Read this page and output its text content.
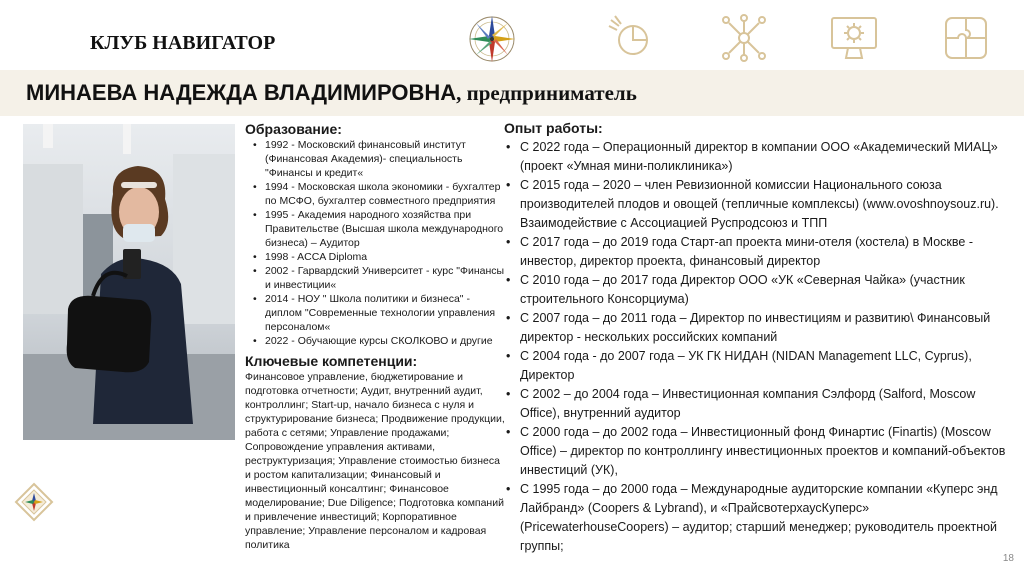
КЛУБ НАВИГАТОР
МИНАЕВА НАДЕЖДА ВЛАДИМИРОВНА, предприниматель
Образование:
• 1992 - Московский финансовый институт (Финансовая Академия)- специальность "Финансы и кредит«
• 1994 - Московская школа экономики - бухгалтер по МСФО, бухгалтер совместного предприятия
• 1995 - Академия народного хозяйства при Правительстве (Высшая школа международного бизнеса) – Аудитор
• 1998 - ACCA Diploma
• 2002 - Гарвардский Университет - курс "Финансы и инвестиции«
• 2014 - НОУ " Школа политики и бизнеса" - диплом "Современные технологии управления персоналом«
• 2022 - Обучающие курсы СКОЛКОВО и другие
Ключевые компетенции:
Финансовое управление, бюджетирование и подготовка отчетности; Аудит, внутренний аудит, контроллинг; Start-up, начало бизнеса с нуля и структурирование бизнеса; Продвижение продукции, работа с сетями; Управление продажами; Сопровождение управления активами, реструктуризация; Управление стоимостью бизнеса и ростом капитализации; Финансовый и инвестиционный консалтинг; Финансовое моделирование; Due Diligence; Подготовка компаний и привлечение инвестиций; Корпоративное управление; Управление персоналом и кадровая политика
Опыт работы:
• С 2022 года – Операционный директор в компании ООО «Академический МИАЦ» (проект «Умная мини-поликлиника»)
• С 2015 года – 2020 – член Ревизионной комиссии Национального союза производителей плодов и овощей (тепличные комплексы) (www.ovoshnoysouz.ru). Взаимодействие с Ассоциацией Руспродсоюз и ТПП
• С 2017 года – до 2019 года Старт-ап проекта мини-отеля (хостела) в Москве - инвестор, директор проекта, финансовый директор
• С 2010 года – до 2017 года Директор ООО «УК «Северная Чайка» (участник строительного Консорциума)
• С 2007 года – до 2011 года – Директор по инвестициям и развитию\ Финансовый директор - нескольких российских компаний
• С 2004 года - до 2007 года – УК ГК НИДАН (NIDAN Management LLC, Cyprus), Директор
• С 2002 – до 2004 года – Инвестиционная компания Сэлфорд (Salford, Moscow Office), внутренний аудитор
• С 2000 года – до 2002 года – Инвестиционный фонд Финартис (Finartis) (Moscow Office) – директор по контроллингу инвестиционных проектов и компаний-объектов инвестиций (УК),
• С 1995 года – до 2000 года – Международные аудиторские компании «Куперс энд Лайбранд» (Coopers & Lybrand), и «ПрайсвотерхаусКуперс» (PricewaterhouseCoopers) – аудитор; старший менеджер; руководитель проектной группы;
18
